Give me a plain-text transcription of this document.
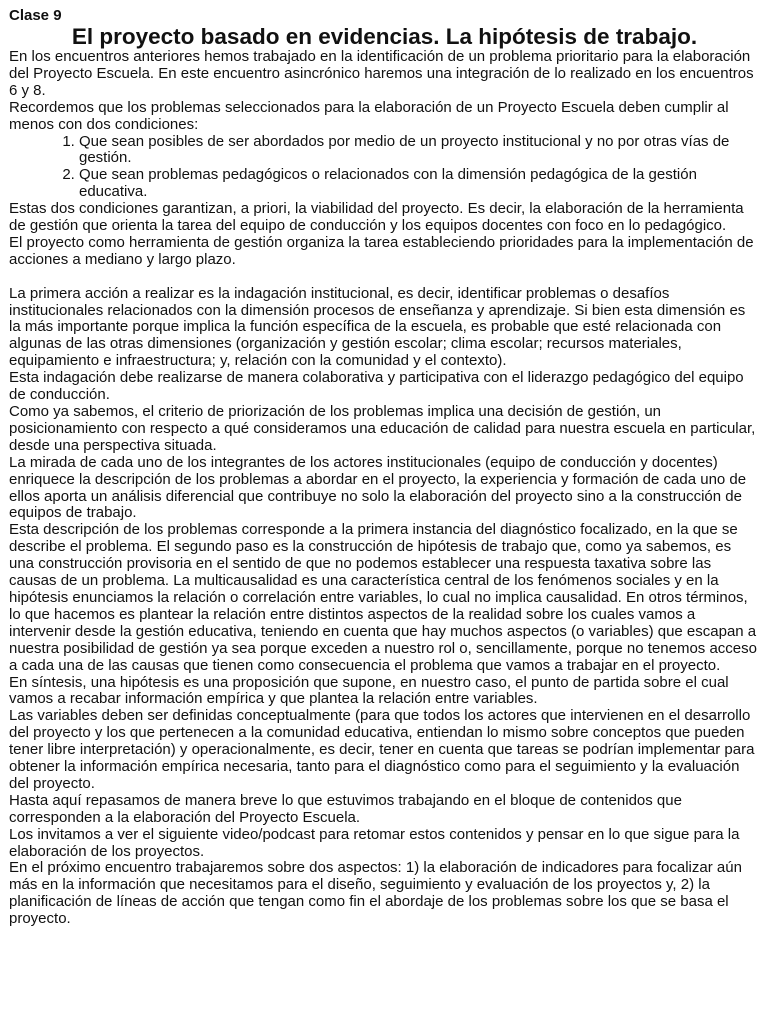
Clase 9

El proyecto basado en evidencias. La hipótesis de trabajo.

En los encuentros anteriores hemos trabajado en la identificación de un problema prioritario para la elaboración del Proyecto Escuela. En este encuentro asincrónico haremos una integración de lo realizado en los encuentros 6 y 8.

Recordemos que los problemas seleccionados para la elaboración de un Proyecto Escuela deben cumplir al menos con dos condiciones:

1. Que sean posibles de ser abordados por medio de un proyecto institucional y no por otras vías de gestión.
2. Que sean problemas pedagógicos o relacionados con la dimensión pedagógica de la gestión educativa.

Estas dos condiciones garantizan, a priori, la viabilidad del proyecto. Es decir, la elaboración de la herramienta de gestión que orienta la tarea del equipo de conducción y los equipos docentes con foco en lo pedagógico.

El proyecto como herramienta de gestión organiza la tarea estableciendo prioridades para la implementación de acciones a mediano y largo plazo.

La primera acción a realizar es la indagación institucional, es decir, identificar problemas o desafíos institucionales relacionados con la dimensión procesos de enseñanza y aprendizaje. Si bien esta dimensión es la más importante porque implica la función específica de la escuela, es probable que esté relacionada con algunas de las otras dimensiones (organización y gestión escolar; clima escolar; recursos materiales, equipamiento e infraestructura; y, relación con la comunidad y el contexto).

Esta indagación debe realizarse de manera colaborativa y participativa con el liderazgo pedagógico del equipo de conducción.

Como ya sabemos, el criterio de priorización de los problemas implica una decisión de gestión, un posicionamiento con respecto a qué consideramos una educación de calidad para nuestra escuela en particular, desde una perspectiva situada.

La mirada de cada uno de los integrantes de los actores institucionales (equipo de conducción y docentes) enriquece la descripción de los problemas a abordar en el proyecto, la experiencia y formación de cada uno de ellos aporta un análisis diferencial que contribuye no solo la elaboración del proyecto sino a la construcción de equipos de trabajo.

Esta descripción de los problemas corresponde a la primera instancia del diagnóstico focalizado, en la que se describe el problema. El segundo paso es la construcción de hipótesis de trabajo que, como ya sabemos, es una construcción provisoria en el sentido de que no podemos establecer una respuesta taxativa sobre las causas de un problema. La multicausalidad es una característica central de los fenómenos sociales y en la hipótesis enunciamos la relación o correlación entre variables, lo cual no implica causalidad. En otros términos, lo que hacemos es plantear la relación entre distintos aspectos de la realidad sobre los cuales vamos a intervenir desde la gestión educativa, teniendo en cuenta que hay muchos aspectos (o variables) que escapan a nuestra posibilidad de gestión ya sea porque exceden a nuestro rol o, sencillamente, porque no tenemos acceso a cada una de las causas que tienen como consecuencia el problema que vamos a trabajar en el proyecto.

En síntesis, una hipótesis es una proposición que supone, en nuestro caso, el punto de partida sobre el cual vamos a recabar información empírica y que plantea la relación entre variables.

Las variables deben ser definidas conceptualmente (para que todos los actores que intervienen en el desarrollo del proyecto y los que pertenecen a la comunidad educativa, entiendan lo mismo sobre conceptos que pueden tener libre interpretación) y operacionalmente, es decir, tener en cuenta que tareas se podrían implementar para obtener la información empírica necesaria, tanto para el diagnóstico como para el seguimiento y la evaluación del proyecto.

Hasta aquí repasamos de manera breve lo que estuvimos trabajando en el bloque de contenidos que corresponden a la elaboración del Proyecto Escuela.

Los invitamos a ver el siguiente video/podcast para retomar estos contenidos y pensar en lo que sigue para la elaboración de los proyectos.

En el próximo encuentro trabajaremos sobre dos aspectos: 1) la elaboración de indicadores para focalizar aún más en la información que necesitamos para el diseño, seguimiento y evaluación de los proyectos y, 2) la planificación de líneas de acción que tengan como fin el abordaje de los problemas sobre los que se basa el proyecto.
